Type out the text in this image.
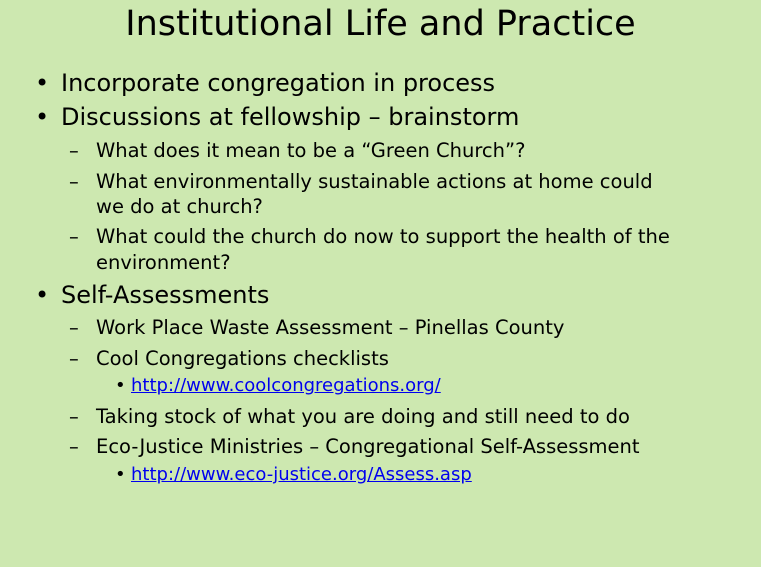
Institutional Life and Practice
• Incorporate congregation in process
• Discussions at fellowship – brainstorm
– What does it mean to be a “Green Church”?
– What environmentally sustainable actions at home could
we do at church?
– What could the church do now to support the health of the
environment?
• Self-Assessments
– Work Place Waste Assessment – Pinellas County
– Cool Congregations checklists
• http://www.coolcongregations.org/
– Taking stock of what you are doing and still need to do
– Eco-Justice Ministries – Congregational Self-Assessment
• http://www.eco-justice.org/Assess.asp
